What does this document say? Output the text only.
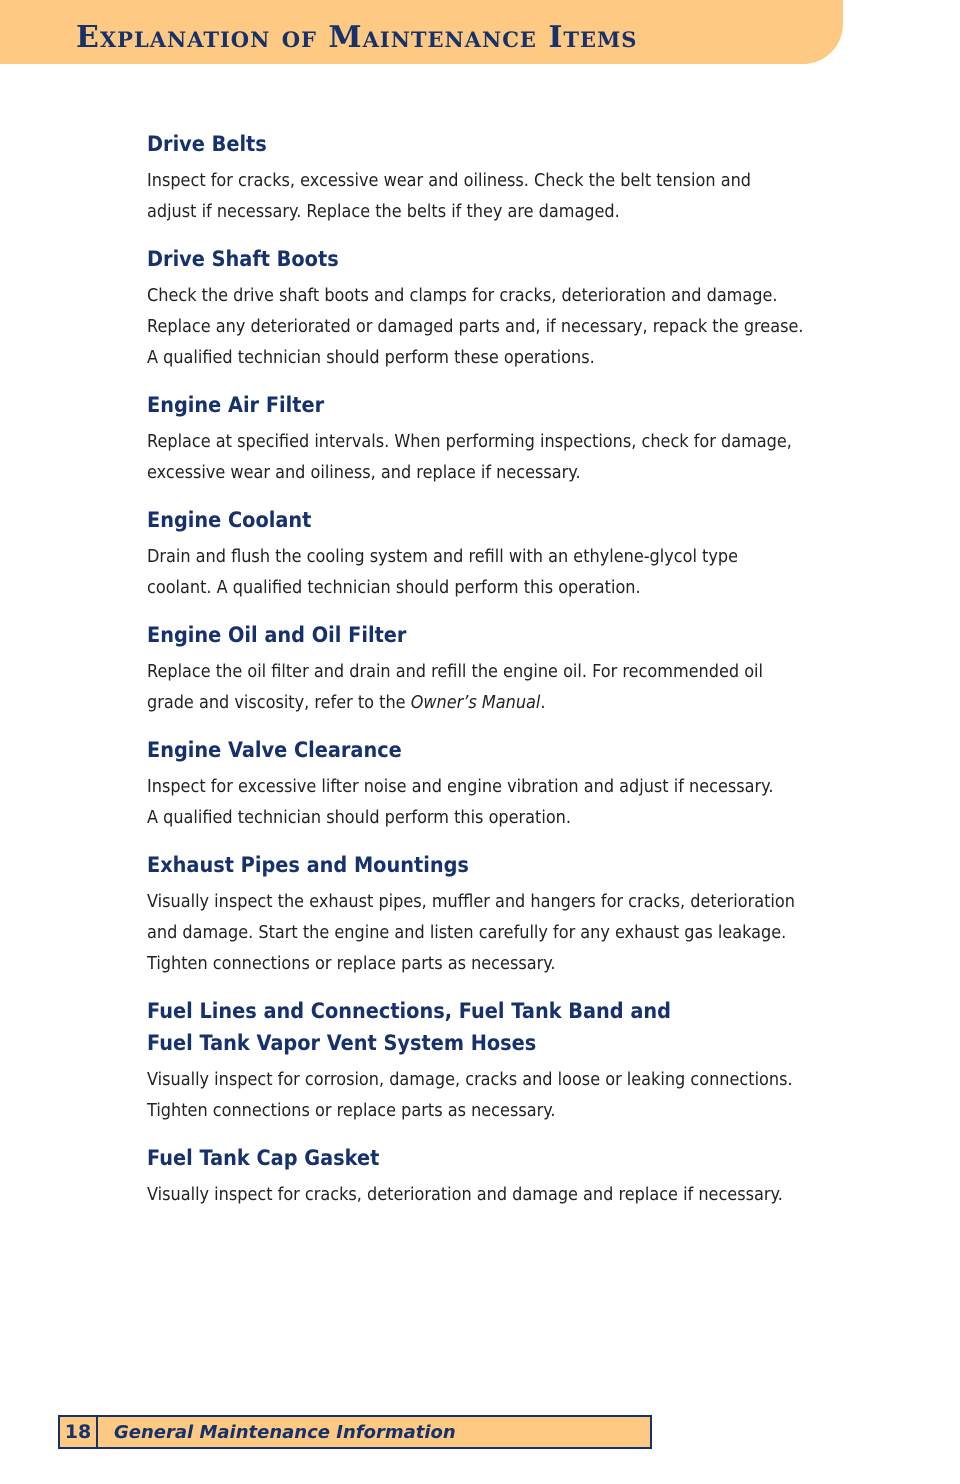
Explanation of Maintenance Items
Drive Belts

Inspect for cracks, excessive wear and oiliness. Check the belt tension and
adjust if necessary. Replace the belts if they are damaged.

Drive Shaft Boots

Check the drive shaft boots and clamps for cracks, deterioration and damage.
Replace any deteriorated or damaged parts and, if necessary, repack the grease.
A qualified technician should perform these operations.

Engine Air Filter

Replace at specified intervals. When performing inspections, check for damage,
excessive wear and oiliness, and replace if necessary.

Engine Coolant

Drain and flush the cooling system and refill with an ethylene-glycol type
coolant. A qualified technician should perform this operation.

Engine Oil and Oil Filter

Replace the oil filter and drain and refill the engine oil. For recommended oil
grade and viscosity, refer to the Owner’s Manual.

Engine Valve Clearance

Inspect for excessive lifter noise and engine vibration and adjust if necessary.
A qualified technician should perform this operation.

Exhaust Pipes and Mountings

Visually inspect the exhaust pipes, muffler and hangers for cracks, deterioration
and damage. Start the engine and listen carefully for any exhaust gas leakage.
Tighten connections or replace parts as necessary.

Fuel Lines and Connections, Fuel Tank Band and
Fuel Tank Vapor Vent System Hoses

Visually inspect for corrosion, damage, cracks and loose or leaking connections.
Tighten connections or replace parts as necessary.

Fuel Tank Cap Gasket

Visually inspect for cracks, deterioration and damage and replace if necessary.

18	General Maintenance Information
